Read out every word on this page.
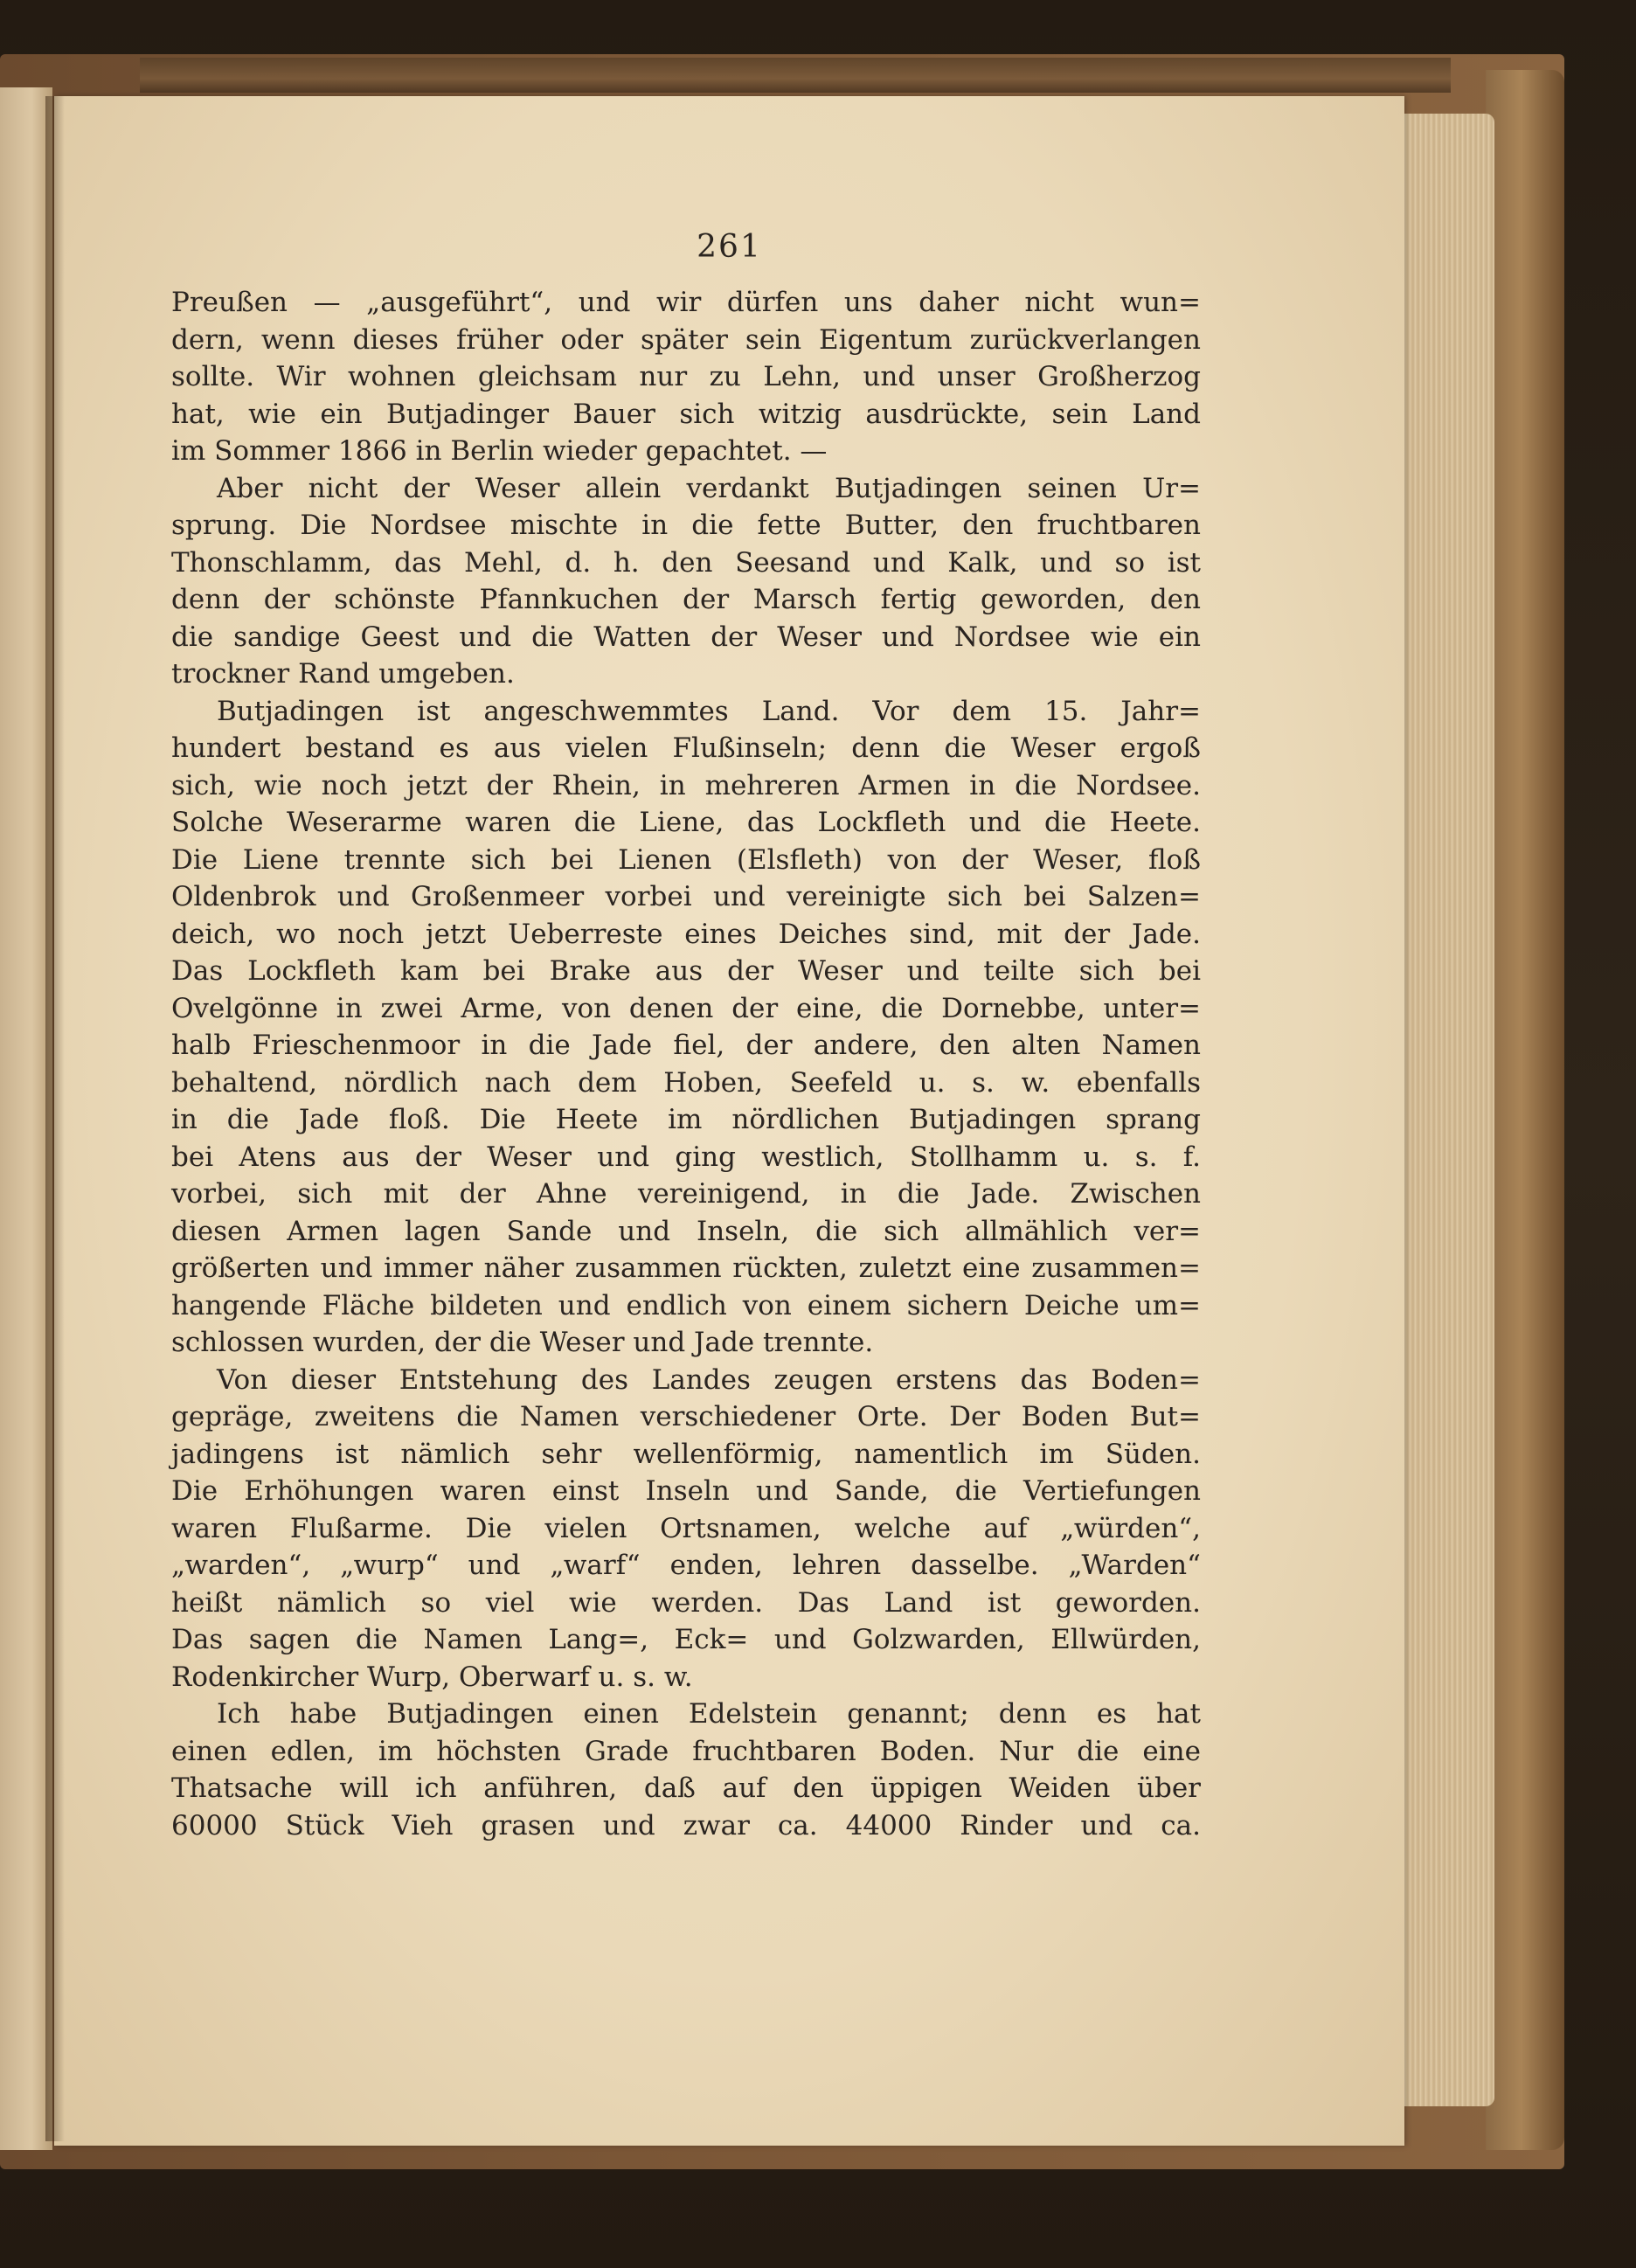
261
Preußen — „ausgeführt“, und wir dürfen uns daher nicht wun=
dern, wenn dieses früher oder später sein Eigentum zurückverlangen
sollte. Wir wohnen gleichsam nur zu Lehn, und unser Großherzog
hat, wie ein Butjadinger Bauer sich witzig ausdrückte, sein Land
im Sommer 1866 in Berlin wieder gepachtet. —
Aber nicht der Weser allein verdankt Butjadingen seinen Ur=
sprung. Die Nordsee mischte in die fette Butter, den fruchtbaren
Thonschlamm, das Mehl, d. h. den Seesand und Kalk, und so ist
denn der schönste Pfannkuchen der Marsch fertig geworden, den
die sandige Geest und die Watten der Weser und Nordsee wie ein
trockner Rand umgeben.
Butjadingen ist angeschwemmtes Land. Vor dem 15. Jahr=
hundert bestand es aus vielen Flußinseln; denn die Weser ergoß
sich, wie noch jetzt der Rhein, in mehreren Armen in die Nordsee.
Solche Weserarme waren die Liene, das Lockfleth und die Heete.
Die Liene trennte sich bei Lienen (Elsfleth) von der Weser, floß
Oldenbrok und Großenmeer vorbei und vereinigte sich bei Salzen=
deich, wo noch jetzt Ueberreste eines Deiches sind, mit der Jade.
Das Lockfleth kam bei Brake aus der Weser und teilte sich bei
Ovelgönne in zwei Arme, von denen der eine, die Dornebbe, unter=
halb Frieschenmoor in die Jade fiel, der andere, den alten Namen
behaltend, nördlich nach dem Hoben, Seefeld u. s. w. ebenfalls
in die Jade floß. Die Heete im nördlichen Butjadingen sprang
bei Atens aus der Weser und ging westlich, Stollhamm u. s. f.
vorbei, sich mit der Ahne vereinigend, in die Jade. Zwischen
diesen Armen lagen Sande und Inseln, die sich allmählich ver=
größerten und immer näher zusammen rückten, zuletzt eine zusammen=
hangende Fläche bildeten und endlich von einem sichern Deiche um=
schlossen wurden, der die Weser und Jade trennte.
Von dieser Entstehung des Landes zeugen erstens das Boden=
gepräge, zweitens die Namen verschiedener Orte. Der Boden But=
jadingens ist nämlich sehr wellenförmig, namentlich im Süden.
Die Erhöhungen waren einst Inseln und Sande, die Vertiefungen
waren Flußarme. Die vielen Ortsnamen, welche auf „würden“,
„warden“, „wurp“ und „warf“ enden, lehren dasselbe. „Warden“
heißt nämlich so viel wie werden. Das Land ist geworden.
Das sagen die Namen Lang=, Eck= und Golzwarden, Ellwürden,
Rodenkircher Wurp, Oberwarf u. s. w.
Ich habe Butjadingen einen Edelstein genannt; denn es hat
einen edlen, im höchsten Grade fruchtbaren Boden. Nur die eine
Thatsache will ich anführen, daß auf den üppigen Weiden über
60000 Stück Vieh grasen und zwar ca. 44000 Rinder und ca.
